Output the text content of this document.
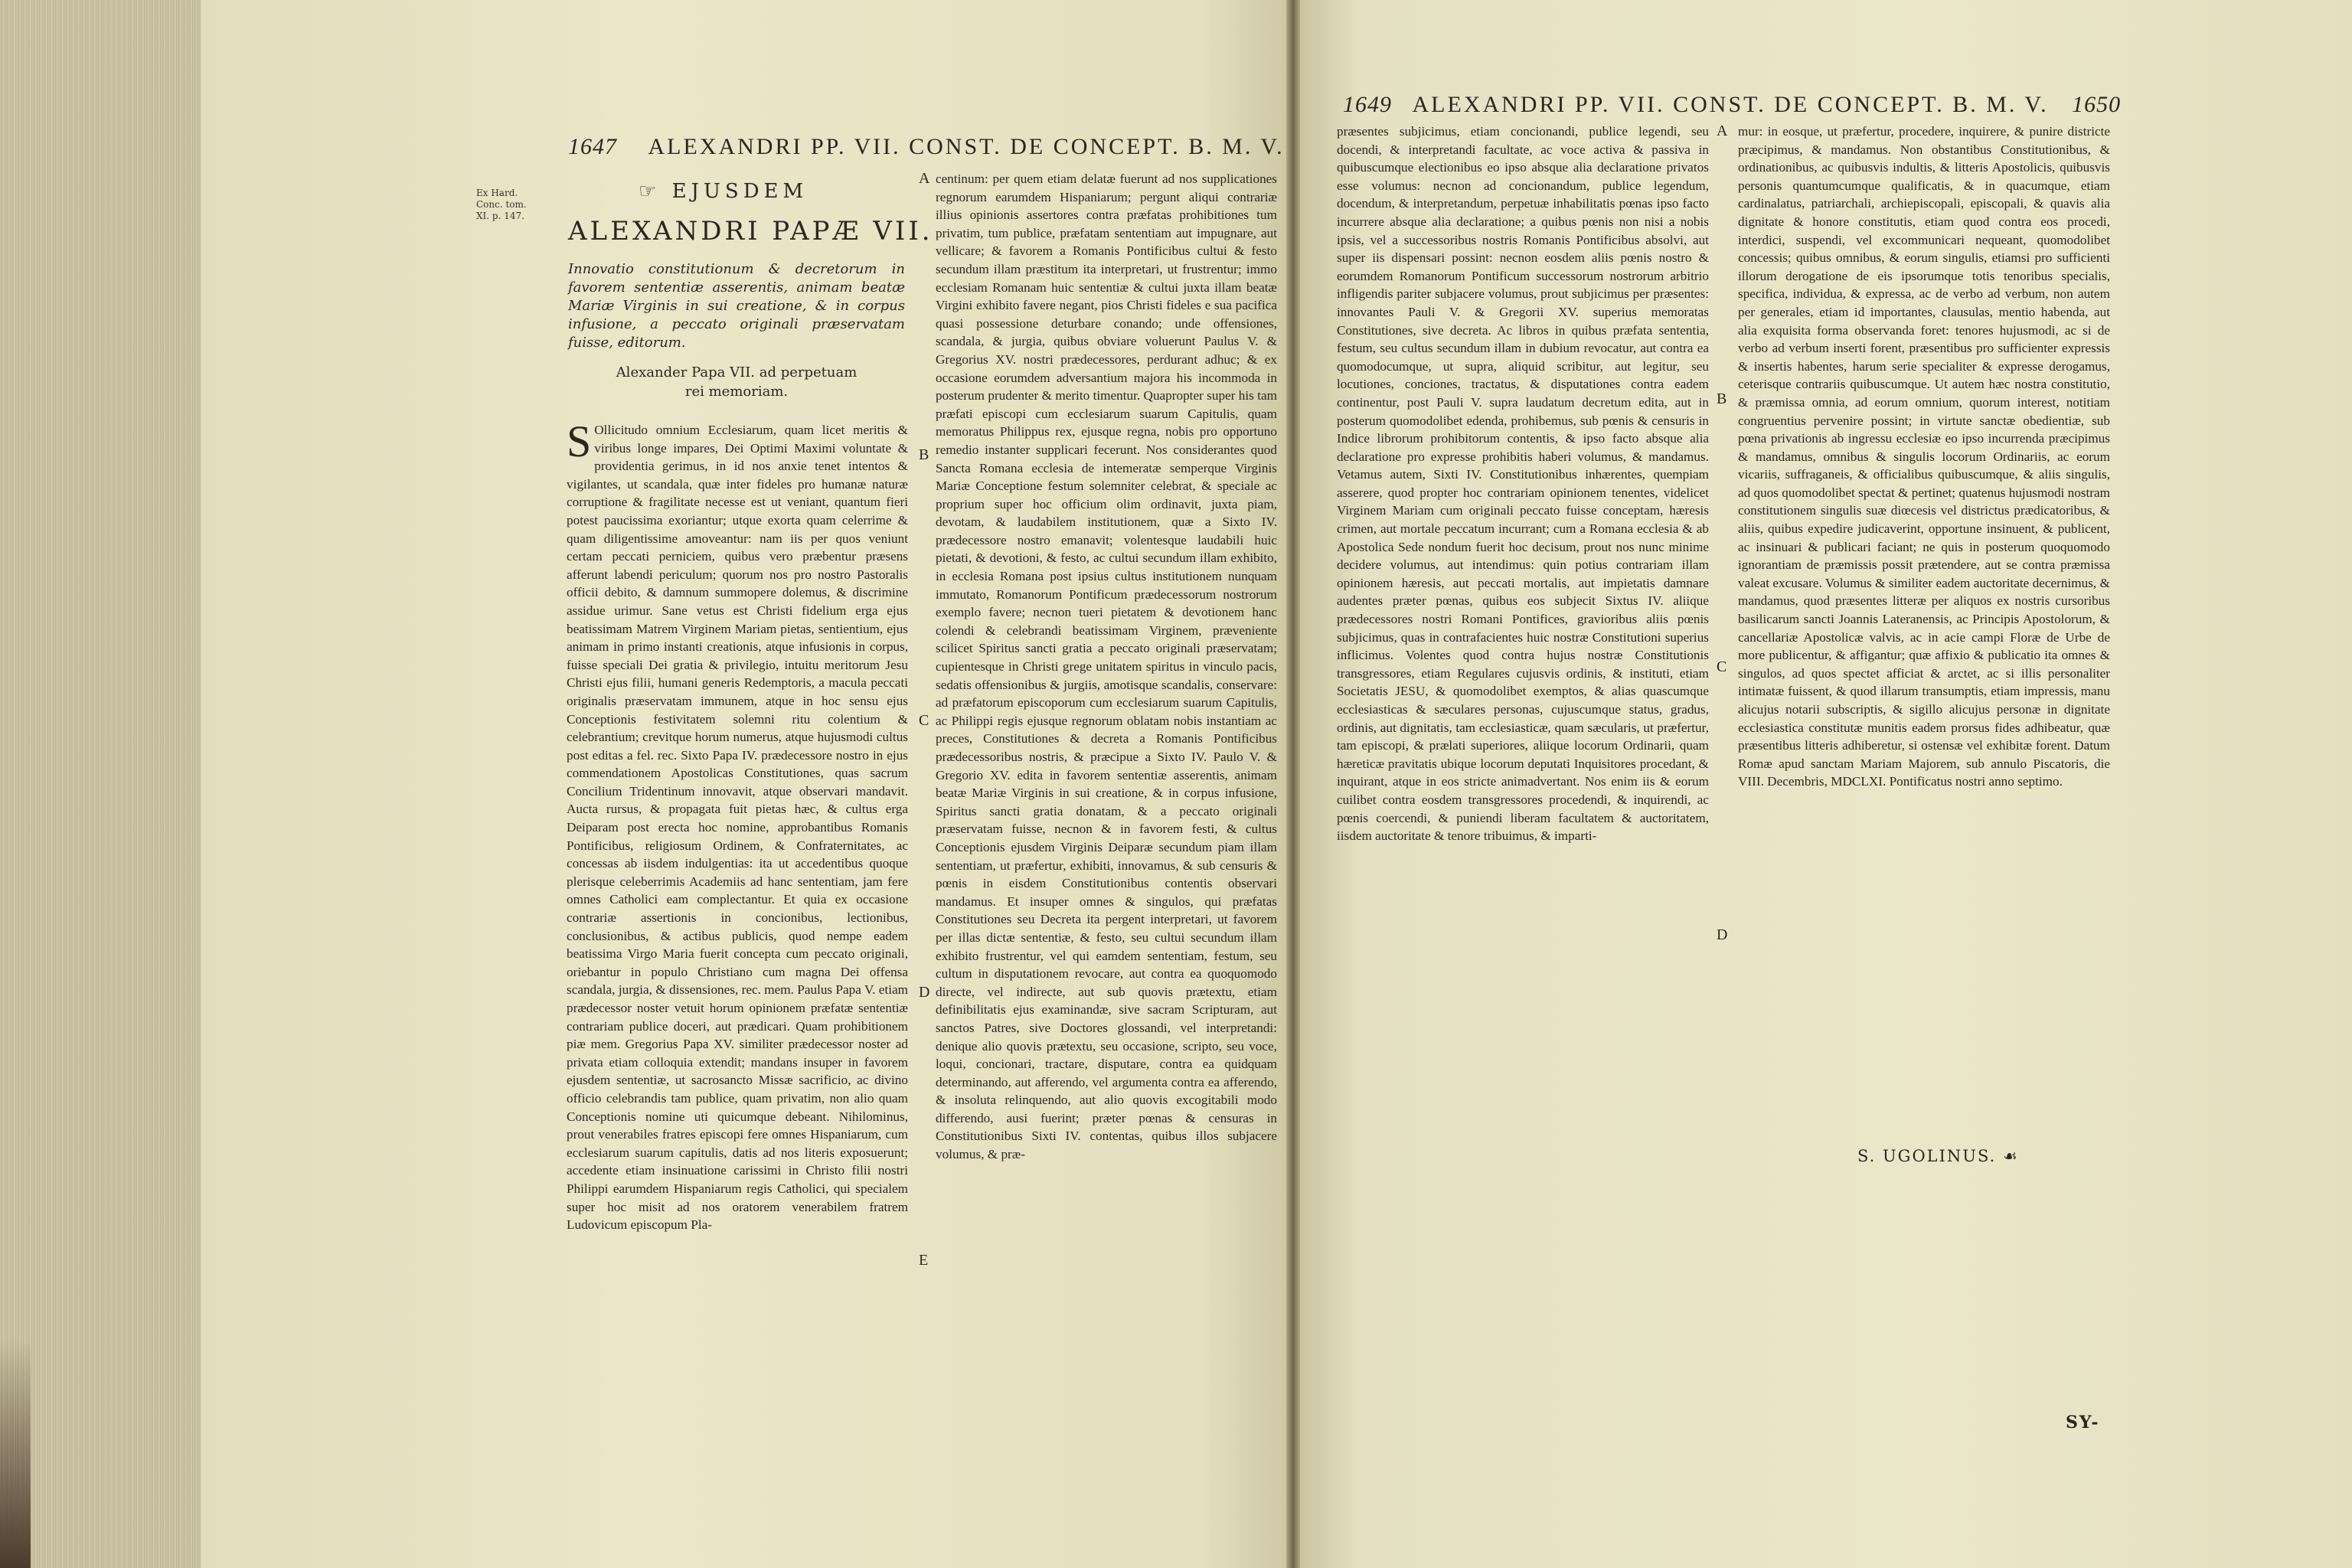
1647 ALEXANDRI PP. VII. CONST. DE CONCEPT. B. M. V.
Ex Hard. Conc. tom. XI. p. 147.
☞ EJUSDEM
ALEXANDRI PAPÆ VII.
Innovatio constitutionum & decretorum in favorem sententiæ asserentis, animam beatæ Mariæ Virginis in sui creatione, & in corpus infusione, a peccato originali præservatam fuisse, editorum.
Alexander Papa VII. ad perpetuam
rei memoriam.
S Ollicitudo omnium Ecclesiarum, quam licet meritis & viribus longe impares, Dei Optimi Maximi voluntate & providentia gerimus, in id nos anxie tenet intentos & vigilantes, ut scandala, quæ inter fideles pro humanæ naturæ corruptione & fragilitate necesse est ut veniant, quantum fieri potest paucissima exoriantur; utque exorta quam celerrime & quam diligentissime amoveantur: nam iis per quos veniunt certam peccati perniciem, quibus vero præbentur præsens afferunt labendi periculum; quorum nos pro nostro Pastoralis officii debito, & damnum summopere dolemus, & discrimine assidue urimur. Sane vetus est Christi fidelium erga ejus beatissimam Matrem Virginem Mariam pietas, sentientium, ejus animam in primo instanti creationis, atque infusionis in corpus, fuisse speciali Dei gratia & privilegio, intuitu meritorum Jesu Christi ejus filii, humani generis Redemptoris, a macula peccati originalis præservatam immunem, atque in hoc sensu ejus Conceptionis festivitatem solemni ritu colentium & celebrantium; crevitque horum numerus, atque hujusmodi cultus post editas a fel. rec. Sixto Papa IV. prædecessore nostro in ejus commendationem Apostolicas Constitutiones, quas sacrum Concilium Tridentinum innovavit, atque observari mandavit. Aucta rursus, & propagata fuit pietas hæc, & cultus erga Deiparam post erecta hoc nomine, approbantibus Romanis Pontificibus, religiosum Ordinem, & Confraternitates, ac concessas ab iisdem indulgentias: ita ut accedentibus quoque plerisque celeberrimis Academiis ad hanc sententiam, jam fere omnes Catholici eam complectantur. Et quia ex occasione contrariæ assertionis in concionibus, lectionibus, conclusionibus, & actibus publicis, quod nempe eadem beatissima Virgo Maria fuerit concepta cum peccato originali, oriebantur in populo Christiano cum magna Dei offensa scandala, jurgia, & dissensiones, rec. mem. Paulus Papa V. etiam prædecessor noster vetuit horum opinionem præfatæ sententiæ contrariam publice doceri, aut prædicari. Quam prohibitionem piæ mem. Gregorius Papa XV. similiter prædecessor noster ad privata etiam colloquia extendit; mandans insuper in favorem ejusdem sententiæ, ut sacrosancto Missæ sacrificio, ac divino officio celebrandis tam publice, quam privatim, non alio quam Conceptionis nomine uti quicumque debeant. Nihilominus, prout venerabiles fratres episcopi fere omnes Hispaniarum, cum ecclesiarum suarum capitulis, datis ad nos literis exposuerunt; accedente etiam insinuatione carissimi in Christo filii nostri Philippi earumdem Hispaniarum regis Catholici, qui specialem super hoc misit ad nos oratorem venerabilem fratrem Ludovicum episcopum Pla-
centinum: per quem etiam delatæ fuerunt ad nos supplicationes regnorum earumdem Hispaniarum; pergunt aliqui contrariæ illius opinionis assertores contra præfatas prohibitiones tum privatim, tum publice, præfatam sententiam aut impugnare, aut vellicare; & favorem a Romanis Pontificibus cultui & festo secundum illam præstitum ita interpretari, ut frustrentur; immo ecclesiam Romanam huic sententiæ & cultui juxta illam beatæ Virgini exhibito favere negant, pios Christi fideles e sua pacifica quasi possessione deturbare conando; unde offensiones, scandala, & jurgia, quibus obviare voluerunt Paulus V. & Gregorius XV. nostri prædecessores, perdurant adhuc; & ex occasione eorumdem adversantium majora his incommoda in posterum prudenter & merito timentur. Quapropter super his tam præfati episcopi cum ecclesiarum suarum Capitulis, quam memoratus Philippus rex, ejusque regna, nobis pro opportuno remedio instanter supplicari fecerunt. Nos considerantes quod Sancta Romana ecclesia de intemeratæ semperque Virginis Mariæ Conceptione festum solemniter celebrat, & speciale ac proprium super hoc officium olim ordinavit, juxta piam, devotam, & laudabilem institutionem, quæ a Sixto IV. prædecessore nostro emanavit; volentesque laudabili huic pietati, & devotioni, & festo, ac cultui secundum illam exhibito, in ecclesia Romana post ipsius cultus institutionem nunquam immutato, Romanorum Pontificum prædecessorum nostrorum exemplo favere; necnon tueri pietatem & devotionem hanc colendi & celebrandi beatissimam Virginem, præveniente scilicet Spiritus sancti gratia a peccato originali præservatam; cupientesque in Christi grege unitatem spiritus in vinculo pacis, sedatis offensionibus & jurgiis, amotisque scandalis, conservare: ad præfatorum episcoporum cum ecclesiarum suarum Capitulis, ac Philippi regis ejusque regnorum oblatam nobis instantiam ac preces, Constitutiones & decreta a Romanis Pontificibus prædecessoribus nostris, & præcipue a Sixto IV. Paulo V. & Gregorio XV. edita in favorem sententiæ asserentis, animam beatæ Mariæ Virginis in sui creatione, & in corpus infusione, Spiritus sancti gratia donatam, & a peccato originali præservatam fuisse, necnon & in favorem festi, & cultus Conceptionis ejusdem Virginis Deiparæ secundum piam illam sententiam, ut præfertur, exhibiti, innovamus, & sub censuris & pœnis in eisdem Constitutionibus contentis observari mandamus. Et insuper omnes & singulos, qui præfatas Constitutiones seu Decreta ita pergent interpretari, ut favorem per illas dictæ sententiæ, & festo, seu cultui secundum illam exhibito frustrentur, vel qui eamdem sententiam, festum, seu cultum in disputationem revocare, aut contra ea quoquomodo directe, vel indirecte, aut sub quovis prætextu, etiam definibilitatis ejus examinandæ, sive sacram Scripturam, aut sanctos Patres, sive Doctores glossandi, vel interpretandi: denique alio quovis prætextu, seu occasione, scripto, seu voce, loqui, concionari, tractare, disputare, contra ea quidquam determinando, aut afferendo, vel argumenta contra ea afferendo, & insoluta relinquendo, aut alio quovis excogitabili modo differendo, ausi fuerint; præter pœnas & censuras in Constitutionibus Sixti IV. contentas, quibus illos subjacere volumus, & præ-
A
B
C
D
E
1649 ALEXANDRI PP. VII. CONST. DE CONCEPT. B. M. V. 1650
præsentes subjicimus, etiam concionandi, publice legendi, seu docendi, & interpretandi facultate, ac voce activa & passiva in quibuscumque electionibus eo ipso absque alia declaratione privatos esse volumus: necnon ad concionandum, publice legendum, docendum, & interpretandum, perpetuæ inhabilitatis pœnas ipso facto incurrere absque alia declaratione; a quibus pœnis non nisi a nobis ipsis, vel a successoribus nostris Romanis Pontificibus absolvi, aut super iis dispensari possint: necnon eosdem aliis pœnis nostro & eorumdem Romanorum Pontificum successorum nostrorum arbitrio infligendis pariter subjacere volumus, prout subjicimus per præsentes: innovantes Pauli V. & Gregorii XV. superius memoratas Constitutiones, sive decreta. Ac libros in quibus præfata sententia, festum, seu cultus secundum illam in dubium revocatur, aut contra ea quomodocumque, ut supra, aliquid scribitur, aut legitur, seu locutiones, conciones, tractatus, & disputationes contra eadem continentur, post Pauli V. supra laudatum decretum edita, aut in posterum quomodolibet edenda, prohibemus, sub pœnis & censuris in Indice librorum prohibitorum contentis, & ipso facto absque alia declaratione pro expresse prohibitis haberi volumus, & mandamus. Vetamus autem, Sixti IV. Constitutionibus inhærentes, quempiam asserere, quod propter hoc contrariam opinionem tenentes, videlicet Virginem Mariam cum originali peccato fuisse conceptam, hæresis crimen, aut mortale peccatum incurrant; cum a Romana ecclesia & ab Apostolica Sede nondum fuerit hoc decisum, prout nos nunc minime decidere volumus, aut intendimus: quin potius contrariam illam opinionem hæresis, aut peccati mortalis, aut impietatis damnare audentes præter pœnas, quibus eos subjecit Sixtus IV. aliique prædecessores nostri Romani Pontifices, gravioribus aliis pœnis subjicimus, quas in contrafacientes huic nostræ Constitutioni superius inflicimus. Volentes quod contra hujus nostræ Constitutionis transgressores, etiam Regulares cujusvis ordinis, & instituti, etiam Societatis JESU, & quomodolibet exemptos, & alias quascumque ecclesiasticas & sæculares personas, cujuscumque status, gradus, ordinis, aut dignitatis, tam ecclesiasticæ, quam sæcularis, ut præfertur, tam episcopi, & prælati superiores, aliique locorum Ordinarii, quam hæreticæ pravitatis ubique locorum deputati Inquisitores procedant, & inquirant, atque in eos stricte animadvertant. Nos enim iis & eorum cuilibet contra eosdem transgressores procedendi, & inquirendi, ac pœnis coercendi, & puniendi liberam facultatem & auctoritatem, iisdem auctoritate & tenore tribuimus, & imparti-
mur: in eosque, ut præfertur, procedere, inquirere, & punire districte præcipimus, & mandamus. Non obstantibus Constitutionibus, & ordinationibus, ac quibusvis indultis, & litteris Apostolicis, quibusvis personis quantumcumque qualificatis, & in quacumque, etiam cardinalatus, patriarchali, archiepiscopali, episcopali, & quavis alia dignitate & honore constitutis, etiam quod contra eos procedi, interdici, suspendi, vel excommunicari nequeant, quomodolibet concessis; quibus omnibus, & eorum singulis, etiamsi pro sufficienti illorum derogatione de eis ipsorumque totis tenoribus specialis, specifica, individua, & expressa, ac de verbo ad verbum, non autem per generales, etiam id importantes, clausulas, mentio habenda, aut alia exquisita forma observanda foret: tenores hujusmodi, ac si de verbo ad verbum inserti forent, præsentibus pro sufficienter expressis & insertis habentes, harum serie specialiter & expresse derogamus, ceterisque contrariis quibuscumque. Ut autem hæc nostra constitutio, & præmissa omnia, ad eorum omnium, quorum interest, notitiam congruentius pervenire possint; in virtute sanctæ obedientiæ, sub pœna privationis ab ingressu ecclesiæ eo ipso incurrenda præcipimus & mandamus, omnibus & singulis locorum Ordinariis, ac eorum vicariis, suffraganeis, & officialibus quibuscumque, & aliis singulis, ad quos quomodolibet spectat & pertinet; quatenus hujusmodi nostram constitutionem singulis suæ diœcesis vel districtus prædicatoribus, & aliis, quibus expedire judicaverint, opportune insinuent, & publicent, ac insinuari & publicari faciant; ne quis in posterum quoquomodo ignorantiam de præmissis possit prætendere, aut se contra præmissa valeat excusare. Volumus & similiter eadem auctoritate decernimus, & mandamus, quod præsentes litteræ per aliquos ex nostris cursoribus basilicarum sancti Joannis Lateranensis, ac Principis Apostolorum, & cancellariæ Apostolicæ valvis, ac in acie campi Floræ de Urbe de more publicentur, & affigantur; quæ affixio & publicatio ita omnes & singulos, ad quos spectet afficiat & arctet, ac si illis personaliter intimatæ fuissent, & quod illarum transumptis, etiam impressis, manu alicujus notarii subscriptis, & sigillo alicujus personæ in dignitate ecclesiastica constitutæ munitis eadem prorsus fides adhibeatur, quæ præsentibus litteris adhiberetur, si ostensæ vel exhibitæ forent. Datum Romæ apud sanctam Mariam Majorem, sub annulo Piscatoris, die VIII. Decembris, MDCLXI. Pontificatus nostri anno septimo.
A
B
C
D
S. UGOLINUS. ☙
SY-
